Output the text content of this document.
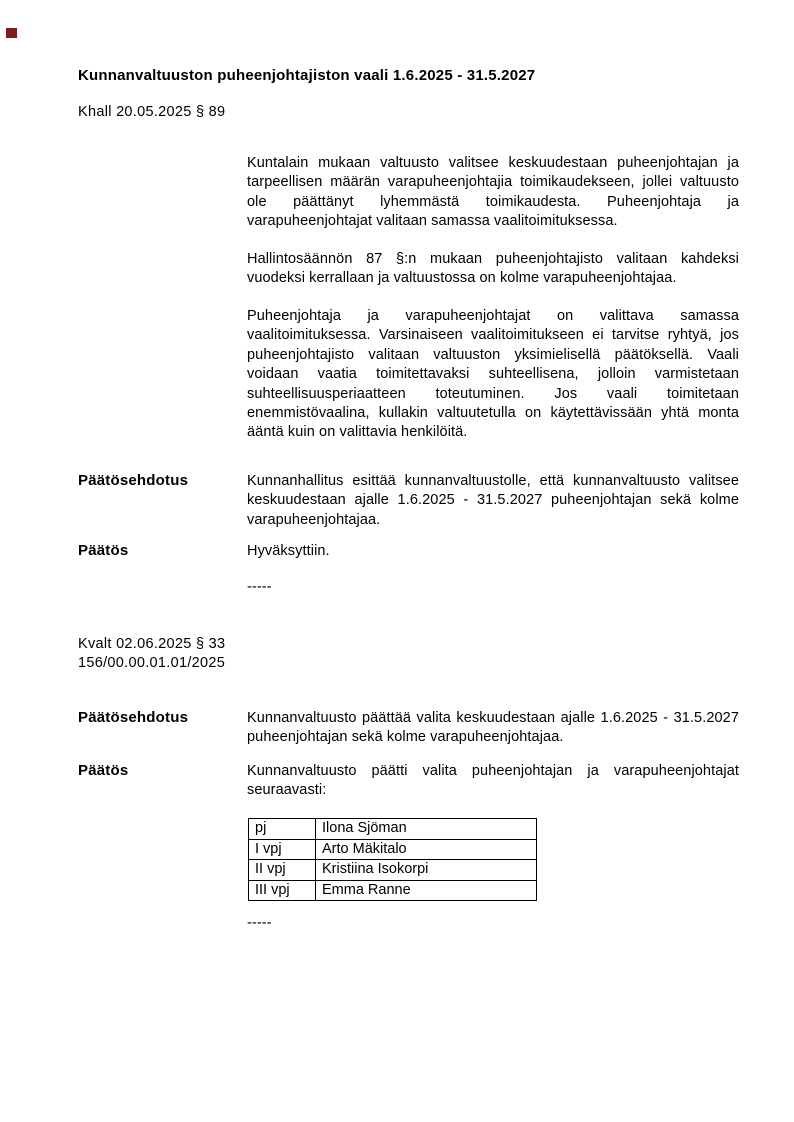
Kunnanvaltuuston puheenjohtajiston vaali 1.6.2025 - 31.5.2027
Khall 20.05.2025 § 89
Kuntalain mukaan valtuusto valitsee keskuudestaan puheenjohtajan ja tarpeellisen määrän varapuheenjohtajia toimikaudekseen, jollei valtuusto ole päättänyt lyhemmästä toimikaudesta. Puheenjohtaja ja varapuheenjohtajat valitaan samassa vaalitoimituksessa.
Hallintosäännön 87 §:n mukaan puheenjohtajisto valitaan kahdeksi vuodeksi kerrallaan ja valtuustossa on kolme varapuheenjohtajaa.
Puheenjohtaja ja varapuheenjohtajat on valittava samassa vaalitoimituksessa. Varsinaiseen vaalitoimitukseen ei tarvitse ryhtyä, jos puheenjohtajisto valitaan valtuuston yksimielisellä päätöksellä. Vaali voidaan vaatia toimitettavaksi suhteellisena, jolloin varmistetaan suhteellisuusperiaatteen toteutuminen. Jos vaali toimitetaan enemmistövaalina, kullakin valtuutetulla on käytettävissään yhtä monta ääntä kuin on valittavia henkilöitä.
Päätösehdotus	Kunnanhallitus esittää kunnanvaltuustolle, että kunnanvaltuusto valitsee keskuudestaan ajalle 1.6.2025 - 31.5.2027 puheenjohtajan sekä kolme varapuheenjohtajaa.
Päätös	Hyväksyttiin.
-----
Kvalt 02.06.2025 § 33
156/00.00.01.01/2025
Päätösehdotus	Kunnanvaltuusto päättää valita keskuudestaan ajalle 1.6.2025 - 31.5.2027 puheenjohtajan sekä kolme varapuheenjohtajaa.
Päätös	Kunnanvaltuusto päätti valita puheenjohtajan ja varapuheenjohtajat seuraavasti:
pj	Ilona Sjöman
I vpj	Arto Mäkitalo
II vpj	Kristiina Isokorpi
III vpj	Emma Ranne
-----
